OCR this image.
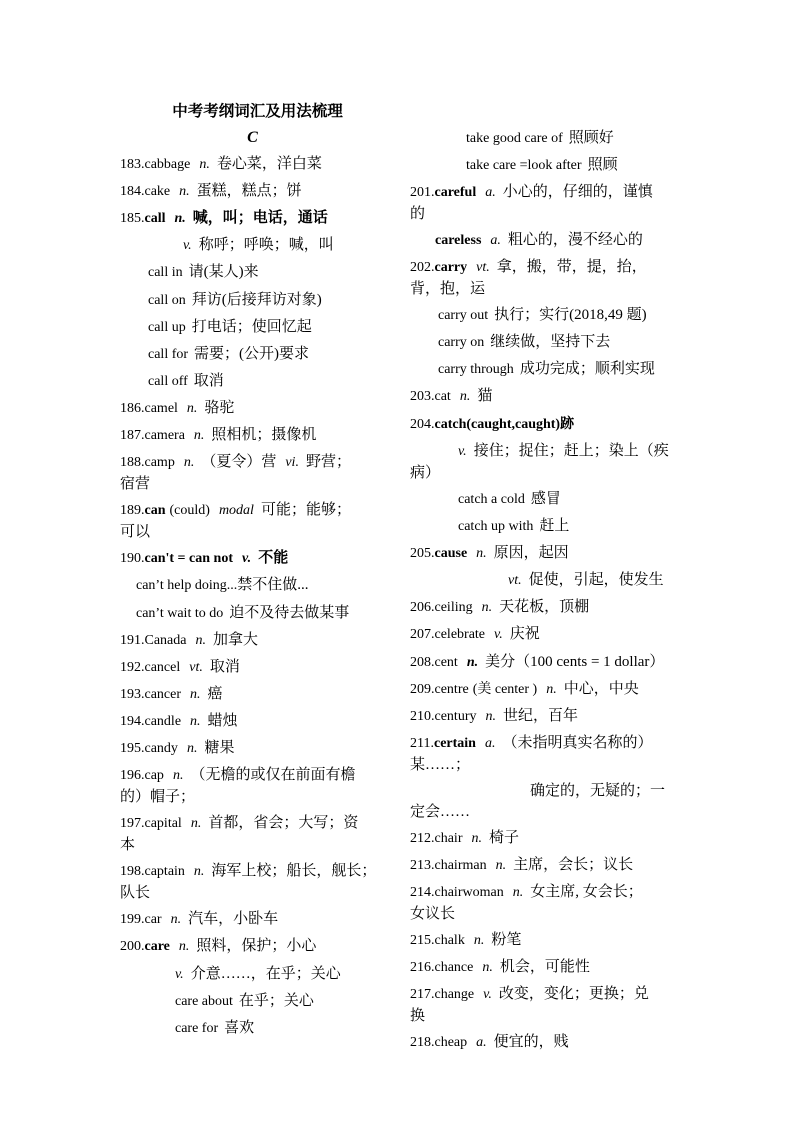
中考考纲词汇及用法梳理

C

183.cabbage n. 卷心菜，洋白菜

184.cake n. 蛋糕，糕点；饼

185.call n. 喊，叫；电话，通话

v. 称呼；呼唤；喊，叫

call in 请(某人)来

call on 拜访(后接拜访对象)

call up 打电话；使回忆起

call for 需要；(公开)要求

call off 取消

186.camel n. 骆驼

187.camera n. 照相机；摄像机

188.camp n. （夏令）营 vi. 野营；
宿营

189.can (could) modal 可能；能够；
可以

190.can't = can not v. 不能

can’t help doing...禁不住做...

can’t wait to do 迫不及待去做某事

191.Canada n. 加拿大

192.cancel vt. 取消

193.cancer n. 癌

194.candle n. 蜡烛

195.candy n. 糖果

196.cap n. （无檐的或仅在前面有檐
的）帽子；

197.capital n. 首都，省会；大写；资
本

198.captain n. 海军上校；船长，舰长；
队长

199.car n. 汽车，小卧车

200.care n. 照料，保护；小心

v. 介意……，在乎；关心

care about 在乎；关心

care for 喜欢

take good care of 照顾好

take care =look after 照顾

201.careful a. 小心的，仔细的，谨慎
的

careless a. 粗心的，漫不经心的

202.carry vt. 拿，搬，带，提，抬，
背，抱，运

carry out 执行；实行(2018,49 题)

carry on 继续做，坚持下去

carry through 成功完成；顺利实现

203.cat n. 猫

204.catch(caught,caught)跡

v. 接住；捉住；赶上；染上（疾
病）

catch a cold 感冒

catch up with 赶上

205.cause n. 原因，起因

vt. 促使，引起，使发生

206.ceiling n. 天花板，顶棚

207.celebrate v. 庆祝

208.cent n. 美分（100 cents = 1 dollar）

209.centre (美 center ) n. 中心，中央

210.century n. 世纪，百年

211.certain a. （未指明真实名称的）
某……；

确定的，无疑的；一
定会……

212.chair n. 椅子

213.chairman n. 主席，会长；议长

214.chairwoman n. 女主席, 女会长；
女议长

215.chalk n. 粉笔

216.chance n. 机会，可能性

217.change v. 改变，变化；更换；兑
换

218.cheap a. 便宜的，贱
